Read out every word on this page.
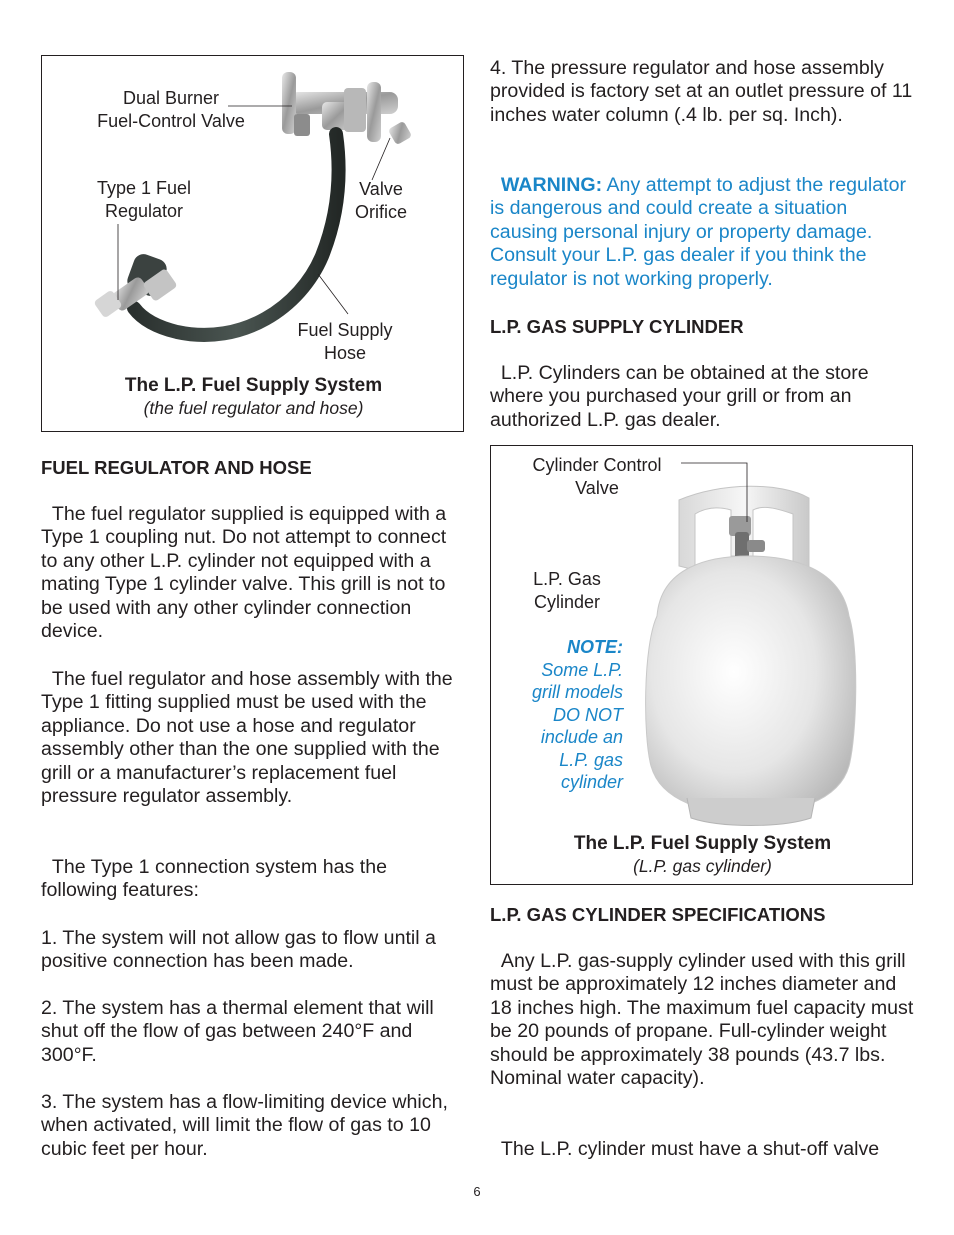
Dual Burner
Fuel-Control Valve
Type 1 Fuel
Regulator
Valve
Orifice
Fuel Supply
Hose
The L.P. Fuel Supply System
(the fuel regulator and hose)

FUEL REGULATOR AND HOSE

The fuel regulator supplied is equipped with a Type 1 coupling nut. Do not attempt to connect to any other L.P. cylinder not equipped with a mating Type 1 cylinder valve. This grill is not to be used with any other cylinder connection device.

The fuel regulator and hose assembly with the Type 1 fitting supplied must be used with the appliance. Do not use a hose and regulator assembly other than the one supplied with the grill or a manufacturer’s replacement fuel pressure regulator assembly.

The Type 1 connection system has the following features:

1. The system will not allow gas to flow until a positive connection has been made.

2. The system has a thermal element that will shut off the flow of gas between 240°F and 300°F.

3. The system has a flow-limiting device which, when activated, will limit the flow of gas to 10 cubic feet per hour.

4. The pressure regulator and hose assembly provided is factory set at an outlet pressure of 11 inches water column (.4 lb. per sq. Inch).

WARNING: Any attempt to adjust the regulator is dangerous and could create a situation causing personal injury or property damage. Consult your L.P. gas dealer if you think the regulator is not working properly.

L.P. GAS SUPPLY CYLINDER

L.P. Cylinders can be obtained at the store where you purchased your grill or from an authorized L.P. gas dealer.

L.P. GAS CYLINDER SPECIFICATIONS

Any L.P. gas-supply cylinder used with this grill must be approximately 12 inches diameter and 18 inches high. The maximum fuel capacity must be 20 pounds of propane. Full-cylinder weight should be approximately 38 pounds (43.7 lbs. Nominal water capacity).

The L.P. cylinder must have a shut-off valve

Cylinder Control
Valve
L.P. Gas
Cylinder
NOTE:
Some L.P.
grill models
DO NOT
include an
L.P. gas
cylinder
The L.P. Fuel Supply System
(L.P. gas cylinder)
6
